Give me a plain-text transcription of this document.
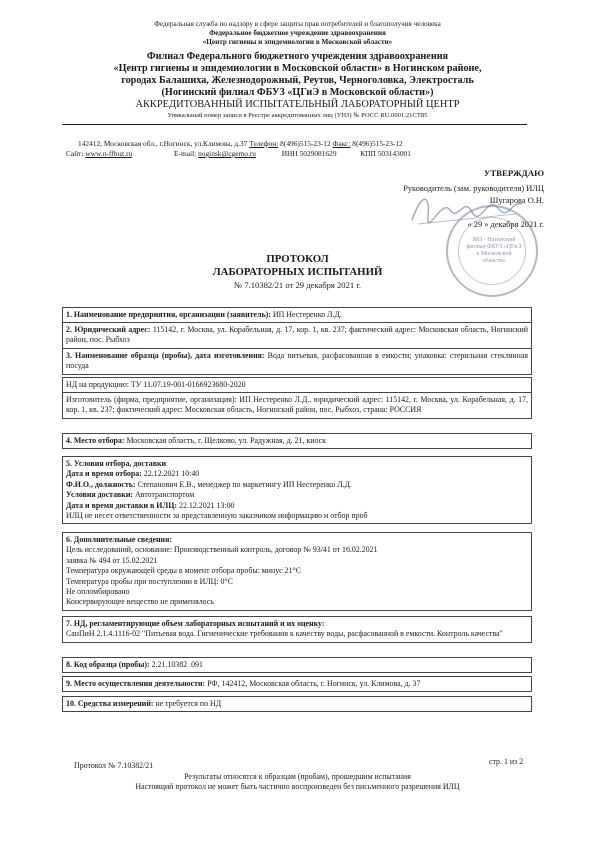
Федеральная служба по надзору в сфере защиты прав потребителей и благополучия человека
Федеральное бюджетное учреждение здравоохранения
«Центр гигиены и эпидемиологии в Московской области»
Филиал Федерального бюджетного учреждения здравоохранения
«Центр гигиены и эпидемиологии в Московской области» в Ногинском районе,
городах Балашиха, Железнодорожный, Реутов, Черноголовка, Электросталь
(Ногинский филиал ФБУЗ «ЦГиЭ в Московской области»)
АККРЕДИТОВАННЫЙ ИСПЫТАТЕЛЬНЫЙ ЛАБОРАТОРНЫЙ ЦЕНТР
Уникальный номер записи в Реестре аккредитованных лиц (УНЗ) № РОСС RU.0001.21СТ85
142412, Московская обл., г.Ногинск, ул.Климова, д.37 Телефон: 8(496)515-23-12 Факс: 8(496)515-23-12
Сайт: www.n-ffbuz.ru	E-mail: noginsk@cgemo.ru	ИНН 5029081629	КПП 503143001
УТВЕРЖДАЮ
Руководитель (зам. руководителя) ИЛЦ
Шугарова О.Н.
« 29 » декабря 2021 г.
МП · Ногинский филиал ФБУЗ «ЦГиЭ в Московской области»
ПРОТОКОЛ
ЛАБОРАТОРНЫХ ИСПЫТАНИЙ
№ 7.10382/21 от 29 декабря 2021 г.
1. Наименование предприятия, организации (заявитель): ИП Нестеренко Л.Д.
2. Юридический адрес: 115142, г. Москва, ул. Корабельная, д. 17, кор. 1, кв. 237; фактический адрес: Московская область, Ногинский район, пос. Рыбхоз
3. Наименование образца (пробы), дата изготовления: Вода питьевая, расфасованная в емкости; упаковка: стерильная стеклянная посуда
НД на продукцию: ТУ 11.07.19-001-0166923680-2020
Изготовитель (фирма, предприятие, организация): ИП Нестеренко Л.Д., юридический адрес: 115142, г. Москва, ул. Корабельная, д. 17, кор. 1, кв. 237; фактический адрес: Московская область, Ногинский район, пос. Рыбхоз, страна: РОССИЯ
4. Место отбора: Московская область, г. Щелково, ул. Радужная, д. 21, киоск
5. Условия отбора, доставки
Дата и время отбора: 22.12.2021 10:40
Ф.И.О., должность: Степанович Е.В., менеджер по маркетингу ИП Нестеренко Л.Д.
Условия доставки: Автотранспортом
Дата и время доставки в ИЛЦ: 22.12.2021 13:00
ИЛЦ не несет ответственности за представленную заказчиком информацию и отбор проб
6. Дополнительные сведения:
Цель исследований, основание: Производственный контроль, договор № 93/41 от 16.02.2021
заявка № 494 от 15.02.2021
Температура окружающей среды в момент отбора пробы: минус 21°С
Температура пробы при поступлении в ИЛЦ: 0°С
Не опломбировано
Консервирующее вещество не применялось
7. НД, регламентирующие объем лабораторных испытаний и их оценку:
СанПиН 2.1.4.1116-02 "Питьевая вода. Гигиенические требования к качеству воды, расфасованной в емкости. Контроль качества"
8. Код образца (пробы): 2.21.10382 .091
9. Место осуществления деятельности: РФ, 142412, Московская область, г. Ногинск, ул. Климова, д. 37
10. Средства измерений: не требуется по НД
Протокол № 7.10382/21	стр. 1 из 2
Результаты относятся к образцам (пробам), прошедшим испытания
Настоящий протокол не может быть частично воспроизведен без письменного разрешения ИЛЦ
